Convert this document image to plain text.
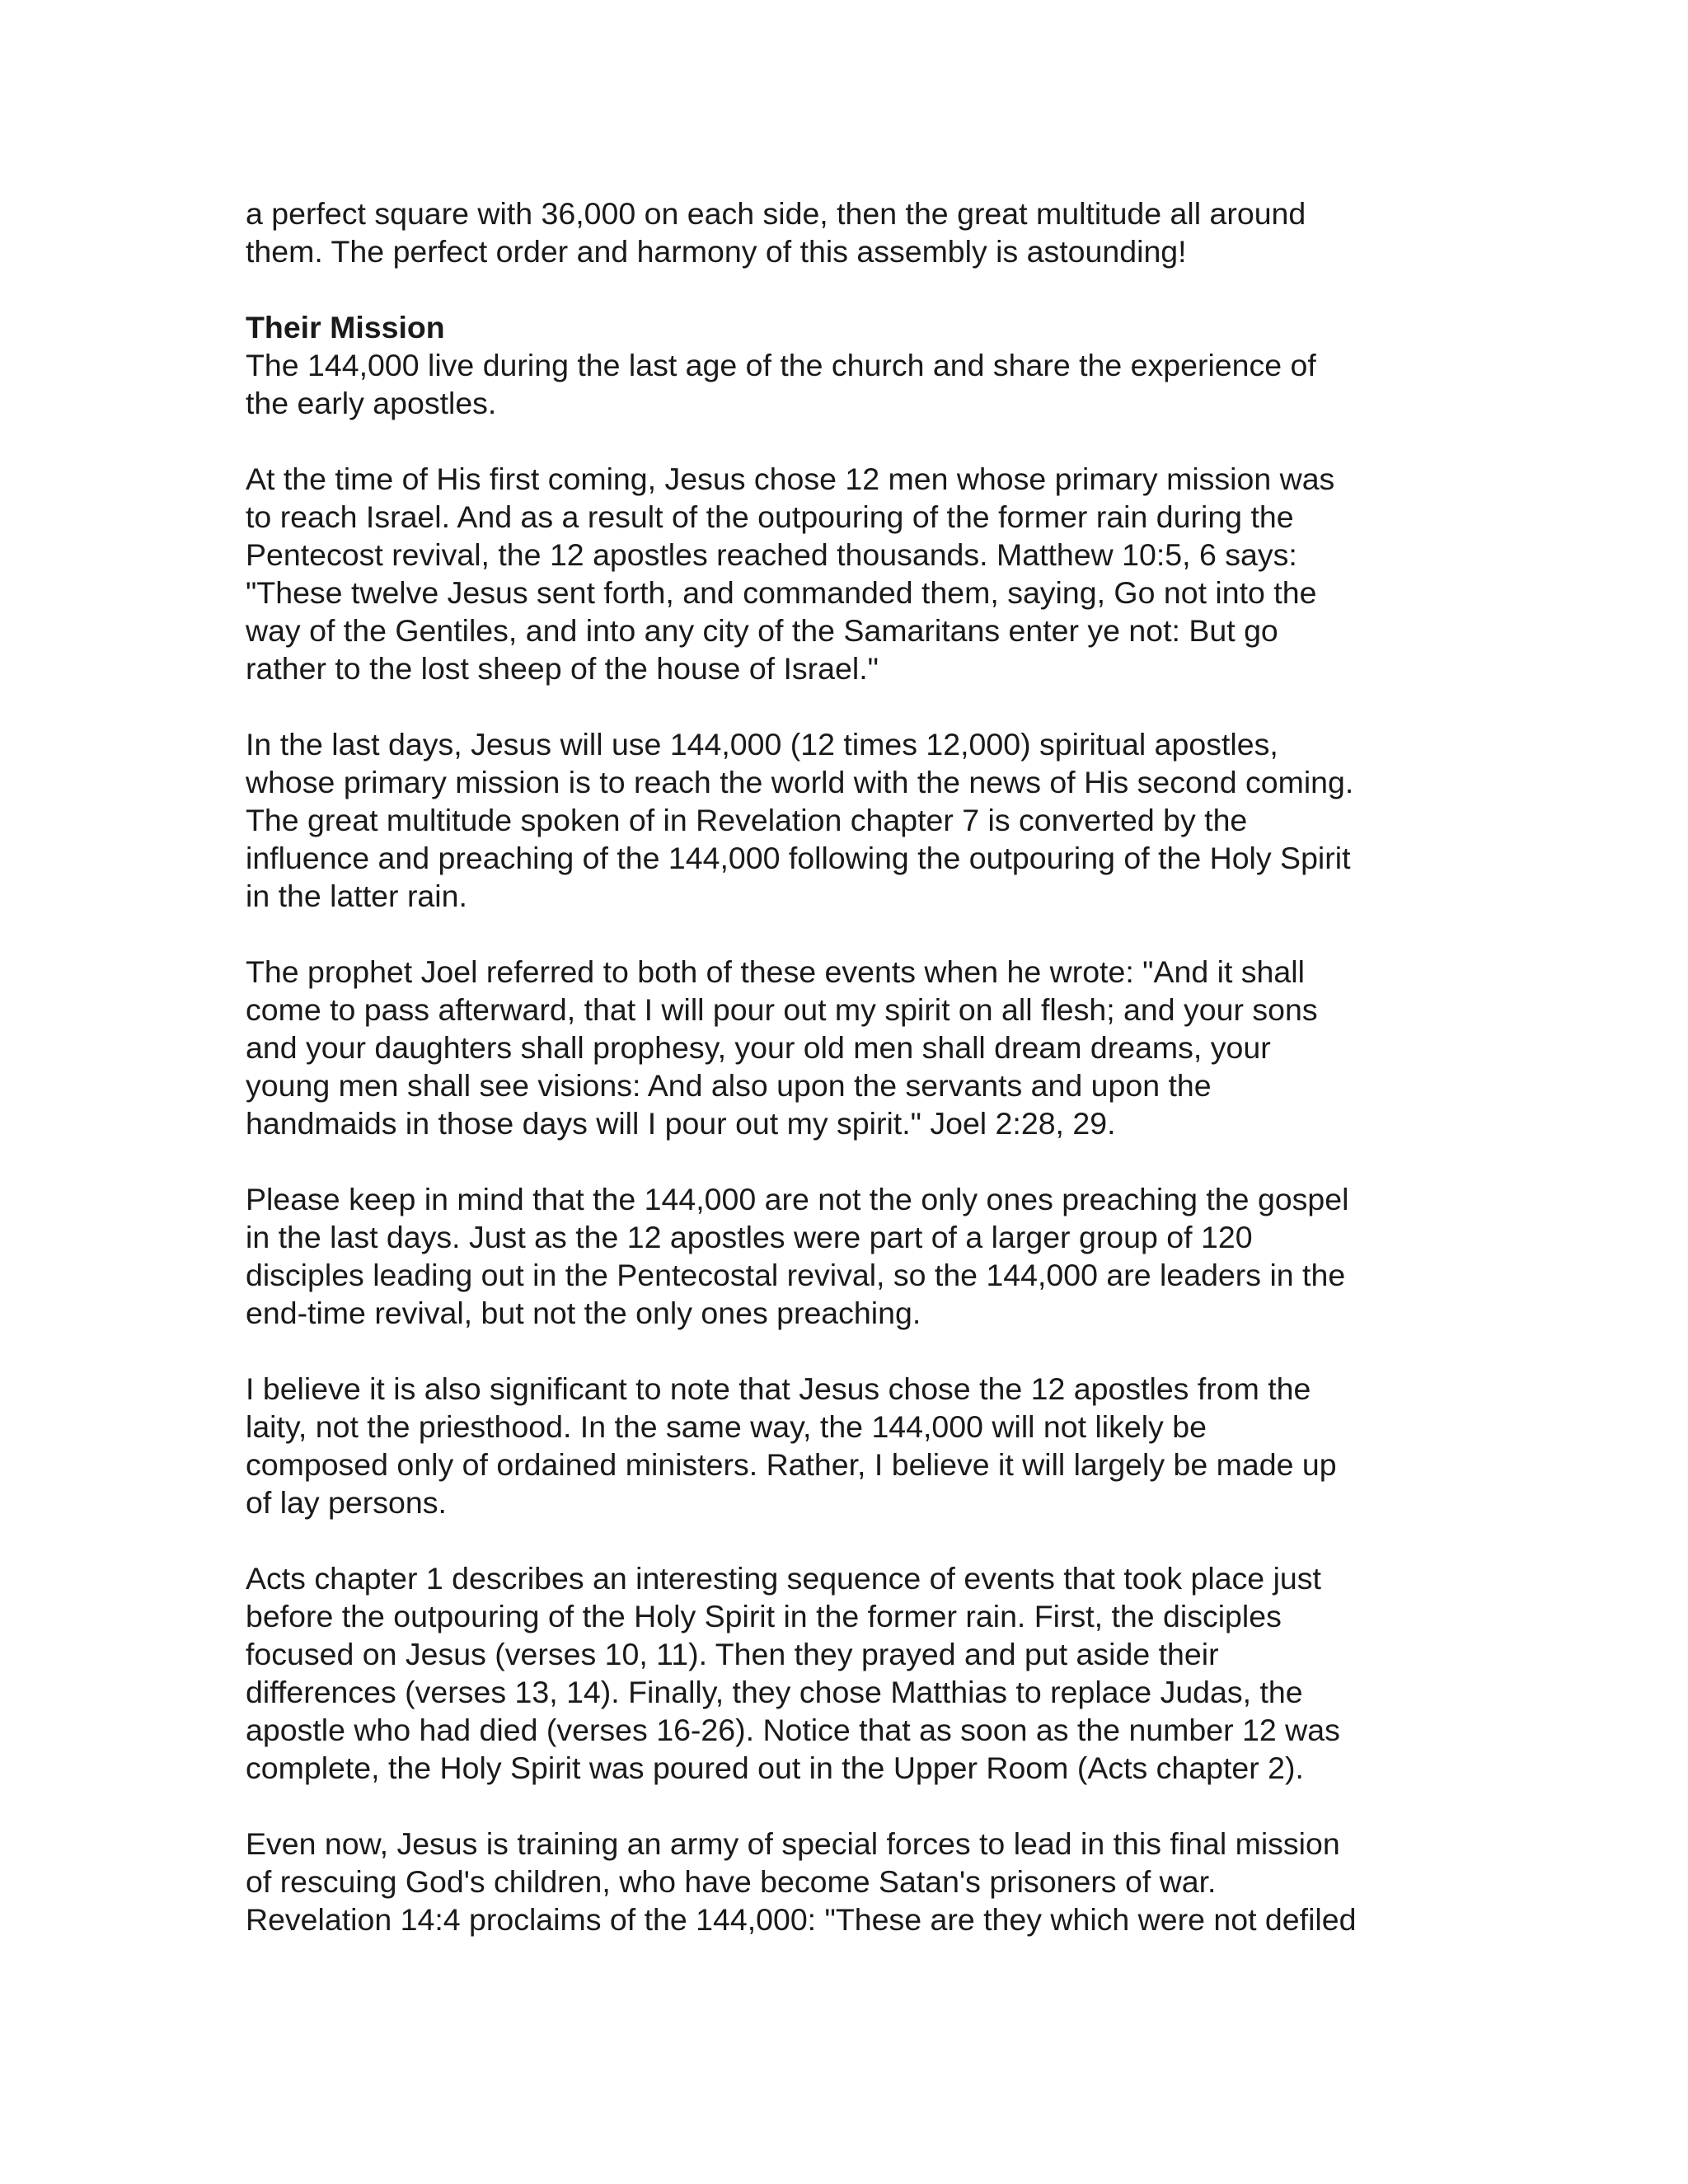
a perfect square with 36,000 on each side, then the great multitude all around
them. The perfect order and harmony of this assembly is astounding!
Their Mission
The 144,000 live during the last age of the church and share the experience of
the early apostles.
At the time of His first coming, Jesus chose 12 men whose primary mission was
to reach Israel. And as a result of the outpouring of the former rain during the
Pentecost revival, the 12 apostles reached thousands. Matthew 10:5, 6 says:
"These twelve Jesus sent forth, and commanded them, saying, Go not into the
way of the Gentiles, and into any city of the Samaritans enter ye not: But go
rather to the lost sheep of the house of Israel."
In the last days, Jesus will use 144,000 (12 times 12,000) spiritual apostles,
whose primary mission is to reach the world with the news of His second coming.
The great multitude spoken of in Revelation chapter 7 is converted by the
influence and preaching of the 144,000 following the outpouring of the Holy Spirit
in the latter rain.
The prophet Joel referred to both of these events when he wrote: "And it shall
come to pass afterward, that I will pour out my spirit on all flesh; and your sons
and your daughters shall prophesy, your old men shall dream dreams, your
young men shall see visions: And also upon the servants and upon the
handmaids in those days will I pour out my spirit." Joel 2:28, 29.
Please keep in mind that the 144,000 are not the only ones preaching the gospel
in the last days. Just as the 12 apostles were part of a larger group of 120
disciples leading out in the Pentecostal revival, so the 144,000 are leaders in the
end-time revival, but not the only ones preaching.
I believe it is also significant to note that Jesus chose the 12 apostles from the
laity, not the priesthood. In the same way, the 144,000 will not likely be
composed only of ordained ministers. Rather, I believe it will largely be made up
of lay persons.
Acts chapter 1 describes an interesting sequence of events that took place just
before the outpouring of the Holy Spirit in the former rain. First, the disciples
focused on Jesus (verses 10, 11). Then they prayed and put aside their
differences (verses 13, 14). Finally, they chose Matthias to replace Judas, the
apostle who had died (verses 16-26). Notice that as soon as the number 12 was
complete, the Holy Spirit was poured out in the Upper Room (Acts chapter 2).
Even now, Jesus is training an army of special forces to lead in this final mission
of rescuing God's children, who have become Satan's prisoners of war.
Revelation 14:4 proclaims of the 144,000: "These are they which were not defiled
